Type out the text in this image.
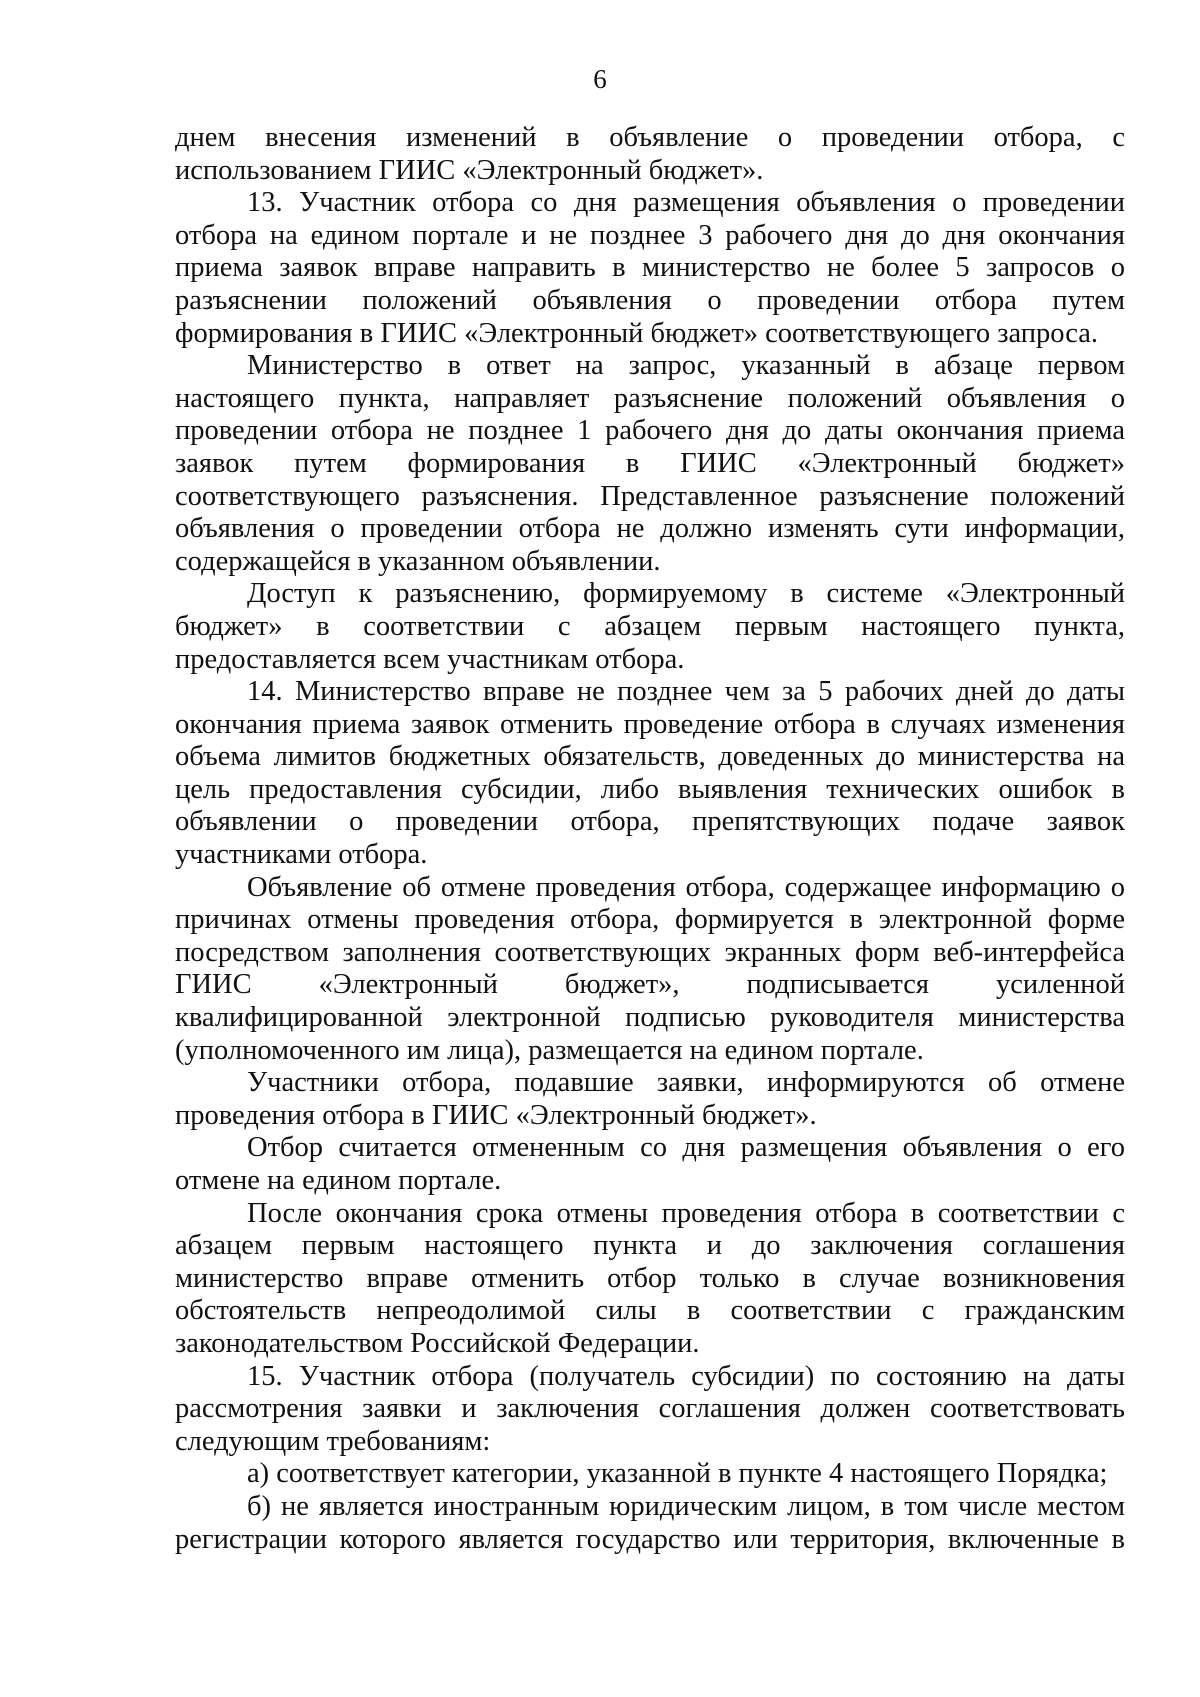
6

днем внесения изменений в объявление о проведении отбора, с использованием ГИИС «Электронный бюджет».

13. Участник отбора со дня размещения объявления о проведении отбора на едином портале и не позднее 3 рабочего дня до дня окончания приема заявок вправе направить в министерство не более 5 запросов о разъяснении положений объявления о проведении отбора путем формирования в ГИИС «Электронный бюджет» соответствующего запроса.

Министерство в ответ на запрос, указанный в абзаце первом настоящего пункта, направляет разъяснение положений объявления о проведении отбора не позднее 1 рабочего дня до даты окончания приема заявок путем формирования в ГИИС «Электронный бюджет» соответствующего разъяснения. Представленное разъяснение положений объявления о проведении отбора не должно изменять сути информации, содержащейся в указанном объявлении.

Доступ к разъяснению, формируемому в системе «Электронный бюджет» в соответствии с абзацем первым настоящего пункта, предоставляется всем участникам отбора.

14. Министерство вправе не позднее чем за 5 рабочих дней до даты окончания приема заявок отменить проведение отбора в случаях изменения объема лимитов бюджетных обязательств, доведенных до министерства на цель предоставления субсидии, либо выявления технических ошибок в объявлении о проведении отбора, препятствующих подаче заявок участниками отбора.

Объявление об отмене проведения отбора, содержащее информацию о причинах отмены проведения отбора, формируется в электронной форме посредством заполнения соответствующих экранных форм веб-интерфейса ГИИС «Электронный бюджет», подписывается усиленной квалифицированной электронной подписью руководителя министерства (уполномоченного им лица), размещается на едином портале.

Участники отбора, подавшие заявки, информируются об отмене проведения отбора в ГИИС «Электронный бюджет».

Отбор считается отмененным со дня размещения объявления о его отмене на едином портале.

После окончания срока отмены проведения отбора в соответствии с абзацем первым настоящего пункта и до заключения соглашения министерство вправе отменить отбор только в случае возникновения обстоятельств непреодолимой силы в соответствии с гражданским законодательством Российской Федерации.

15. Участник отбора (получатель субсидии) по состоянию на даты рассмотрения заявки и заключения соглашения должен соответствовать следующим требованиям:

а) соответствует категории, указанной в пункте 4 настоящего Порядка;

б) не является иностранным юридическим лицом, в том числе местом регистрации которого является государство или территория, включенные в
